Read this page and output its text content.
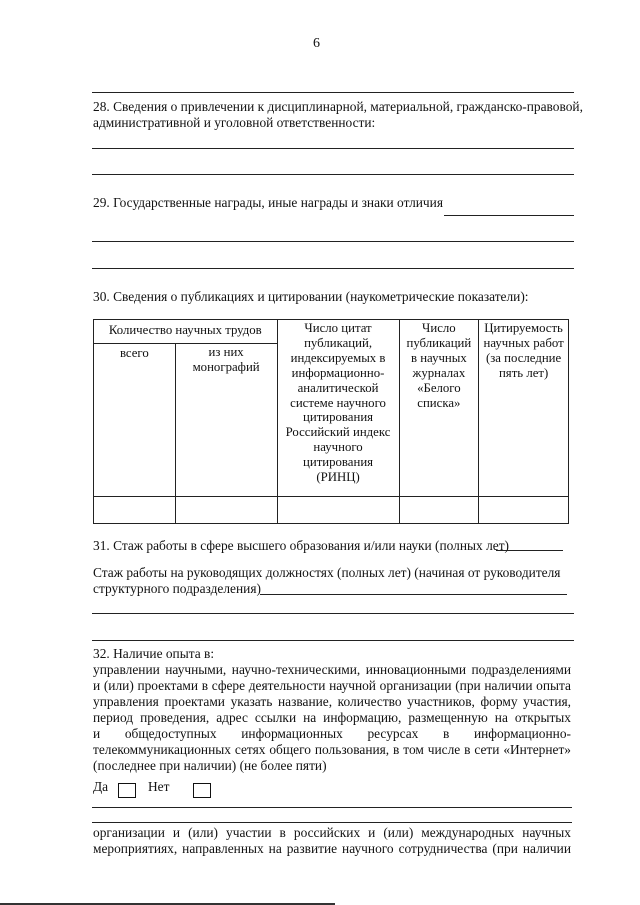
6
28. Сведения о привлечении к дисциплинарной, материальной, гражданско-правовой,
административной и уголовной ответственности:
29. Государственные награды, иные награды и знаки отличия
30. Сведения о публикациях и цитировании (наукометрические показатели):
Количество научных трудов		Число цитат публикаций, индексируемых в информационно-аналитической системе научного цитирования Российский индекс научного цитирования (РИНЦ)	Число публикаций в научных журналах «Белого списка»	Цитируемость научных работ (за последние пять лет)
всего	из них монографий			

31. Стаж работы в сфере высшего образования и/или науки (полных лет)
Стаж работы на руководящих должностях (полных лет) (начиная от руководителя
структурного подразделения)
32. Наличие опыта в:
управлении научными, научно-техническими, инновационными подразделениями
и (или) проектами в сфере деятельности научной организации (при наличии опыта
управления проектами указать название, количество участников, форму участия,
период проведения, адрес ссылки на информацию, размещенную на открытых
и общедоступных информационных ресурсах в информационно-
телекоммуникационных сетях общего пользования, в том числе в сети «Интернет»
(последнее при наличии) (не более пяти)
Да	Нет
организации и (или) участии в российских и (или) международных научных
мероприятиях, направленных на развитие научного сотрудничества (при наличии
